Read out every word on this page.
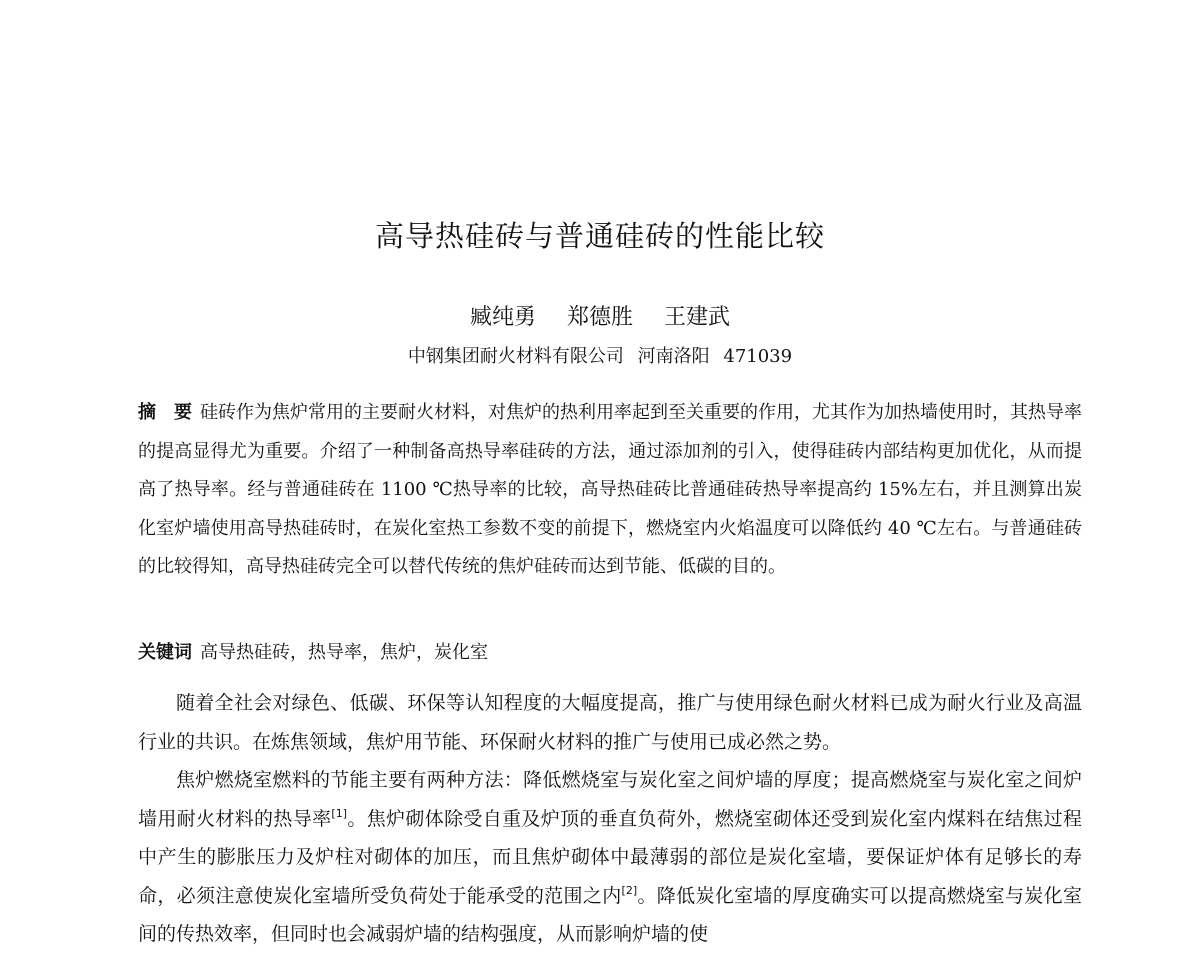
高导热硅砖与普通硅砖的性能比较
臧纯勇 郑德胜 王建武
中钢集团耐火材料有限公司 河南洛阳 471039
摘　要 硅砖作为焦炉常用的主要耐火材料，对焦炉的热利用率起到至关重要的作用，尤其作为加热墙使用时，其热导率的提高显得尤为重要。介绍了一种制备高热导率硅砖的方法，通过添加剂的引入，使得硅砖内部结构更加优化，从而提高了热导率。经与普通硅砖在 1100 ℃热导率的比较，高导热硅砖比普通硅砖热导率提高约 15%左右，并且测算出炭化室炉墙使用高导热硅砖时，在炭化室热工参数不变的前提下，燃烧室内火焰温度可以降低约 40 ℃左右。与普通硅砖的比较得知，高导热硅砖完全可以替代传统的焦炉硅砖而达到节能、低碳的目的。
关键词 高导热硅砖，热导率，焦炉，炭化室

随着全社会对绿色、低碳、环保等认知程度的大幅度提高，推广与使用绿色耐火材料已成为耐火行业及高温行业的共识。在炼焦领域，焦炉用节能、环保耐火材料的推广与使用已成必然之势。

焦炉燃烧室燃料的节能主要有两种方法：降低燃烧室与炭化室之间炉墙的厚度；提高燃烧室与炭化室之间炉墙用耐火材料的热导率[1]。焦炉砌体除受自重及炉顶的垂直负荷外，燃烧室砌体还受到炭化室内煤料在结焦过程中产生的膨胀压力及炉柱对砌体的加压，而且焦炉砌体中最薄弱的部位是炭化室墙，要保证炉体有足够长的寿命，必须注意使炭化室墙所受负荷处于能承受的范围之内[2]。降低炭化室墙的厚度确实可以提高燃烧室与炭化室间的传热效率，但同时也会减弱炉墙的结构强度，从而影响炉墙的使
